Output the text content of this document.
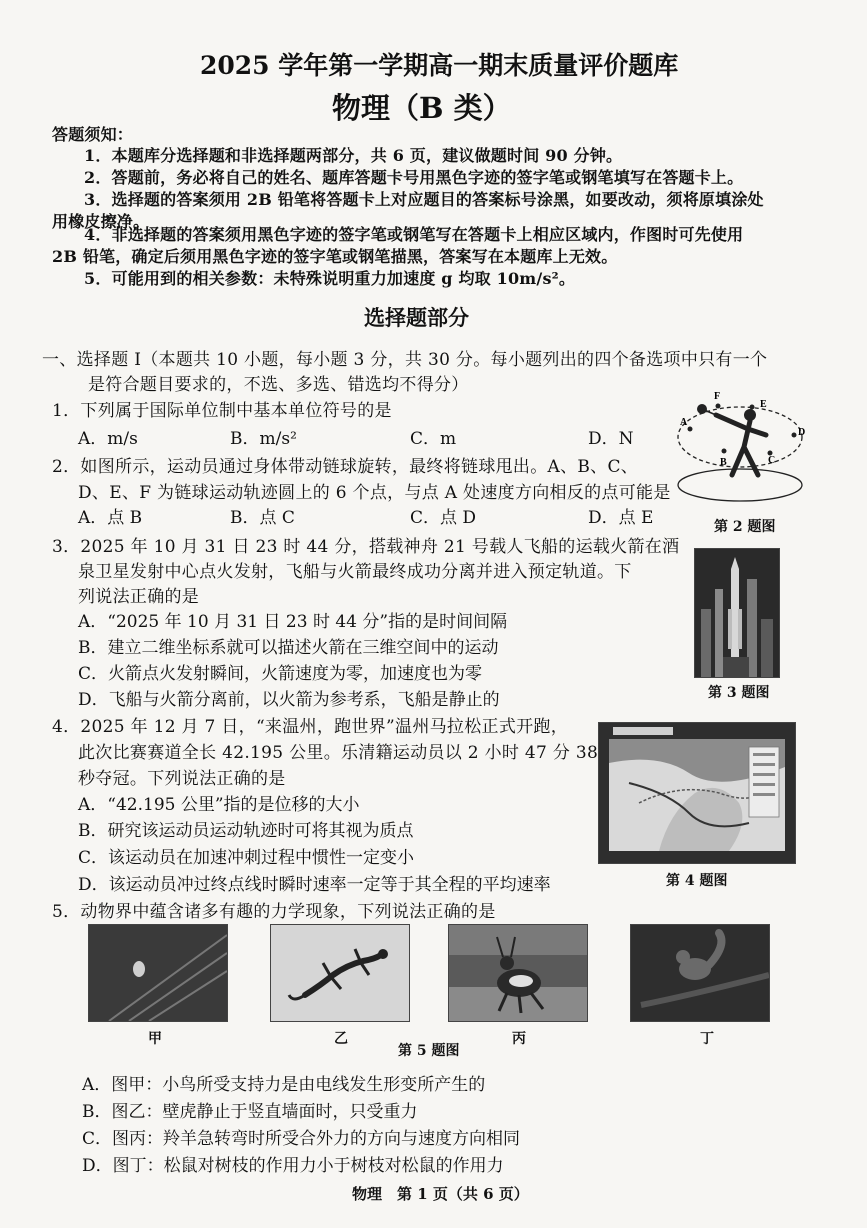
2025 学年第一学期高一期末质量评价题库
物理（B 类）
答题须知：
1．本题库分选择题和非选择题两部分，共 6 页，建议做题时间 90 分钟。
2．答题前，务必将自己的姓名、题库答题卡号用黑色字迹的签字笔或钢笔填写在答题卡上。
3．选择题的答案须用 2B 铅笔将答题卡上对应题目的答案标号涂黑，如要改动，须将原填涂处
用橡皮擦净。
4．非选择题的答案须用黑色字迹的签字笔或钢笔写在答题卡上相应区域内，作图时可先使用
2B 铅笔，确定后须用黑色字迹的签字笔或钢笔描黑，答案写在本题库上无效。
5．可能用到的相关参数：未特殊说明重力加速度 g 均取 10m/s²。
选择题部分
一、选择题 I（本题共 10 小题，每小题 3 分，共 30 分。每小题列出的四个备选项中只有一个
是符合题目要求的，不选、多选、错选均不得分）
1．下列属于国际单位制中基本单位符号的是
A．m/s	B．m/s²	C．m	D．N
2．如图所示，运动员通过身体带动链球旋转，最终将链球甩出。A、B、C、
D、E、F 为链球运动轨迹圆上的 6 个点，与点 A 处速度方向相反的点可能是
A．点 B	B．点 C	C．点 D	D．点 E
F
E
A
D
B	C
第 2 题图
3．2025 年 10 月 31 日 23 时 44 分，搭载神舟 21 号载人飞船的运载火箭在酒
泉卫星发射中心点火发射，飞船与火箭最终成功分离并进入预定轨道。下
列说法正确的是
A．“2025 年 10 月 31 日 23 时 44 分”指的是时间间隔
B．建立二维坐标系就可以描述火箭在三维空间中的运动
C．火箭点火发射瞬间，火箭速度为零，加速度也为零
D．飞船与火箭分离前，以火箭为参考系，飞船是静止的	第 3 题图
4．2025 年 12 月 7 日，“来温州，跑世界”温州马拉松正式开跑，
此次比赛赛道全长 42.195 公里。乐清籍运动员以 2 小时 47 分 38
秒夺冠。下列说法正确的是
A．“42.195 公里”指的是位移的大小
B．研究该运动员运动轨迹时可将其视为质点
C．该运动员在加速冲刺过程中惯性一定变小
D．该运动员冲过终点线时瞬时速率一定等于其全程的平均速率	第 4 题图
5．动物界中蕴含诸多有趣的力学现象，下列说法正确的是
甲	乙	丙	丁
第 5 题图
A．图甲：小鸟所受支持力是由电线发生形变所产生的
B．图乙：壁虎静止于竖直墙面时，只受重力
C．图丙：羚羊急转弯时所受合外力的方向与速度方向相同
D．图丁：松鼠对树枝的作用力小于树枝对松鼠的作用力
物理　第 1 页（共 6 页）
